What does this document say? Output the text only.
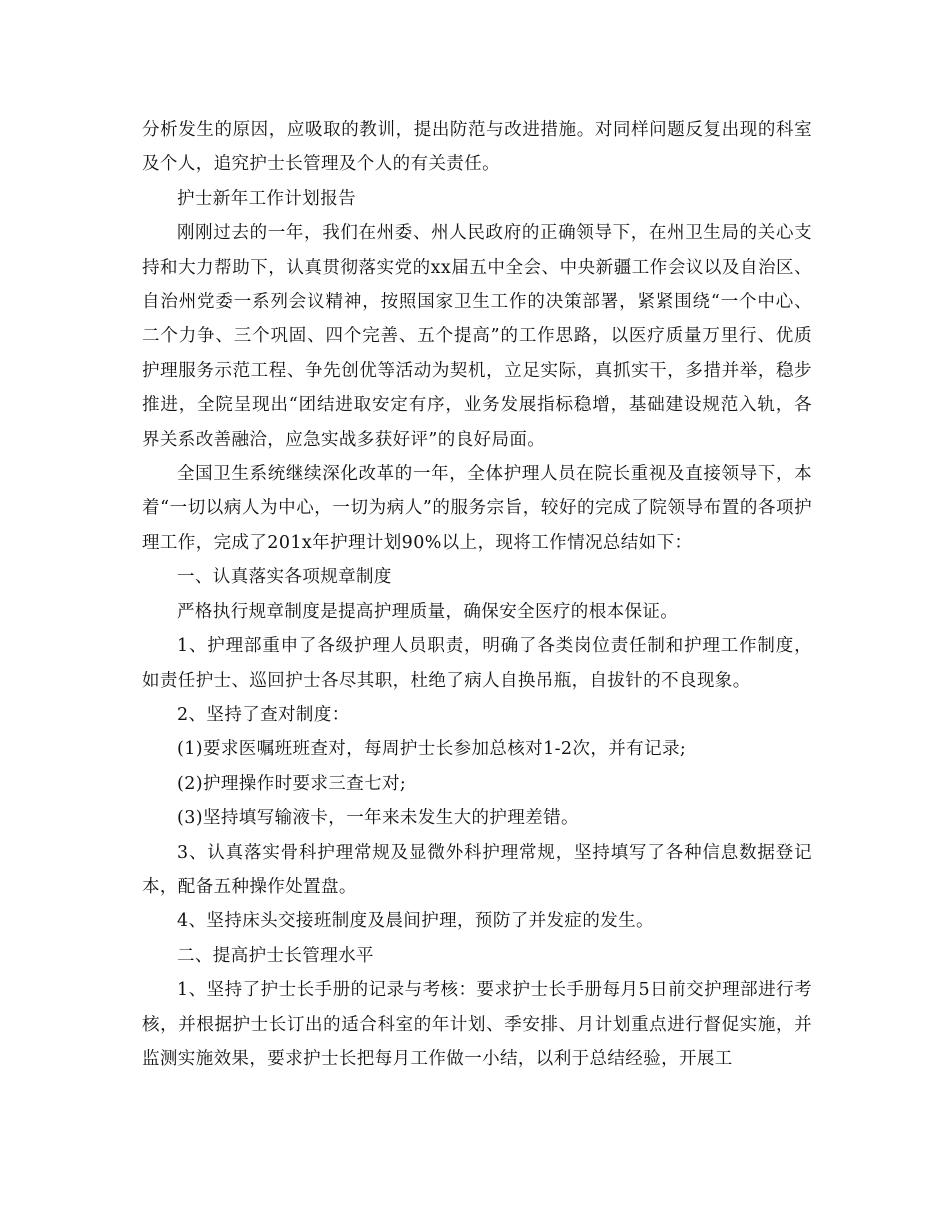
分析发生的原因，应吸取的教训，提出防范与改进措施。对同样问题反复出现的科室及个人，追究护士长管理及个人的有关责任。

护士新年工作计划报告

刚刚过去的一年，我们在州委、州人民政府的正确领导下，在州卫生局的关心支持和大力帮助下，认真贯彻落实党的xx届五中全会、中央新疆工作会议以及自治区、自治州党委一系列会议精神，按照国家卫生工作的决策部署，紧紧围绕“一个中心、二个力争、三个巩固、四个完善、五个提高”的工作思路，以医疗质量万里行、优质护理服务示范工程、争先创优等活动为契机，立足实际，真抓实干，多措并举，稳步推进，全院呈现出“团结进取安定有序，业务发展指标稳增，基础建设规范入轨，各界关系改善融洽，应急实战多获好评”的良好局面。

全国卫生系统继续深化改革的一年，全体护理人员在院长重视及直接领导下，本着“一切以病人为中心，一切为病人”的服务宗旨，较好的完成了院领导布置的各项护理工作，完成了201x年护理计划90%以上，现将工作情况总结如下：

一、认真落实各项规章制度

严格执行规章制度是提高护理质量，确保安全医疗的根本保证。

1、护理部重申了各级护理人员职责，明确了各类岗位责任制和护理工作制度，如责任护士、巡回护士各尽其职，杜绝了病人自换吊瓶，自拔针的不良现象。

2、坚持了查对制度：

(1)要求医嘱班班查对，每周护士长参加总核对1-2次，并有记录;

(2)护理操作时要求三查七对;

(3)坚持填写输液卡，一年来未发生大的护理差错。

3、认真落实骨科护理常规及显微外科护理常规，坚持填写了各种信息数据登记本，配备五种操作处置盘。

4、坚持床头交接班制度及晨间护理，预防了并发症的发生。

二、提高护士长管理水平

1、坚持了护士长手册的记录与考核：要求护士长手册每月5日前交护理部进行考核，并根据护士长订出的适合科室的年计划、季安排、月计划重点进行督促实施，并监测实施效果，要求护士长把每月工作做一小结，以利于总结经验，开展工
